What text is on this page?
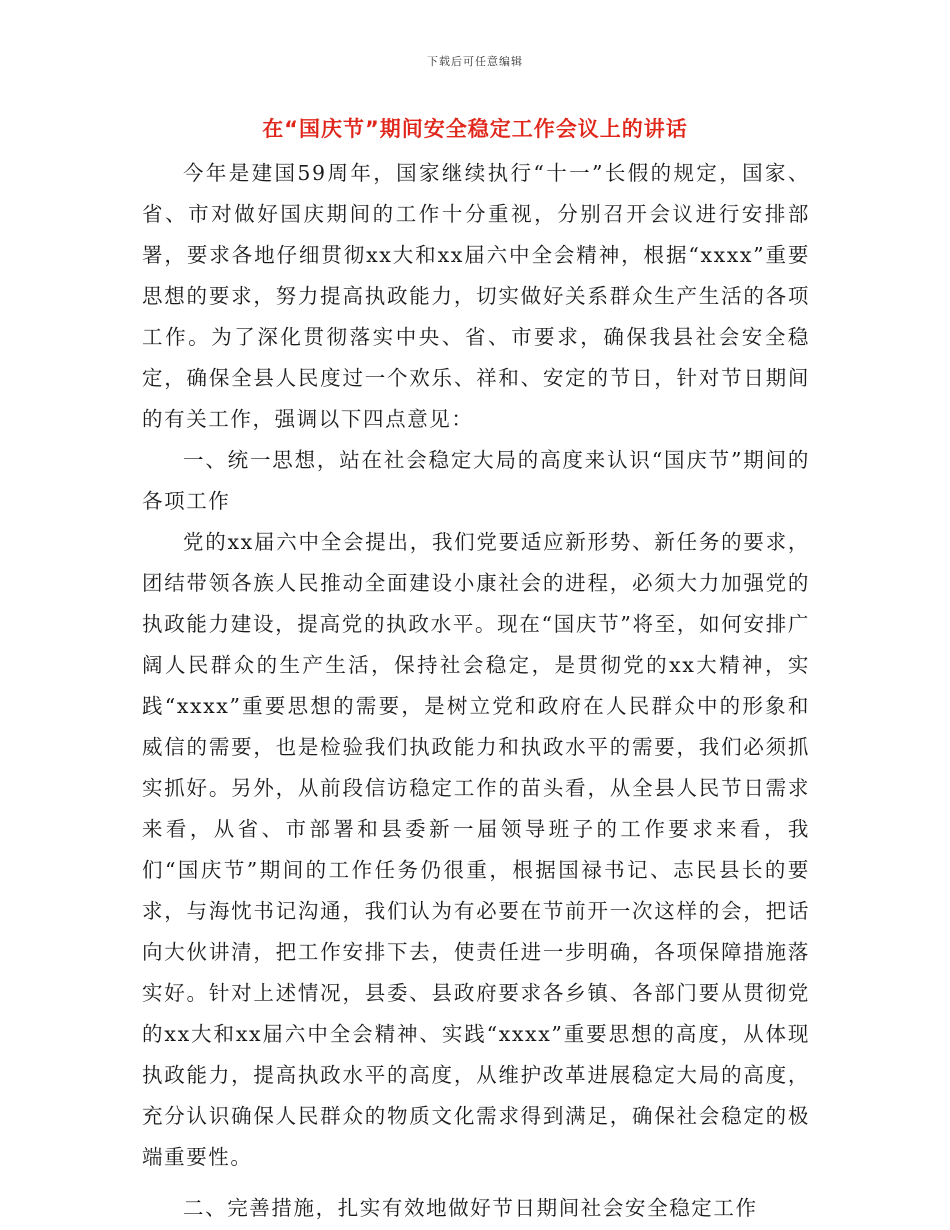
下载后可任意编辑
在“国庆节”期间安全稳定工作会议上的讲话

今年是建国59周年，国家继续执行“十一”长假的规定，国家、省、市对做好国庆期间的工作十分重视，分别召开会议进行安排部署，要求各地仔细贯彻xx大和xx届六中全会精神，根据“xxxx”重要思想的要求，努力提高执政能力，切实做好关系群众生产生活的各项工作。为了深化贯彻落实中央、省、市要求，确保我县社会安全稳定，确保全县人民度过一个欢乐、祥和、安定的节日，针对节日期间的有关工作，强调以下四点意见：

一、统一思想，站在社会稳定大局的高度来认识“国庆节”期间的各项工作

党的xx届六中全会提出，我们党要适应新形势、新任务的要求，团结带领各族人民推动全面建设小康社会的进程，必须大力加强党的执政能力建设，提高党的执政水平。现在“国庆节”将至，如何安排广阔人民群众的生产生活，保持社会稳定，是贯彻党的xx大精神，实践“xxxx”重要思想的需要，是树立党和政府在人民群众中的形象和威信的需要，也是检验我们执政能力和执政水平的需要，我们必须抓实抓好。另外，从前段信访稳定工作的苗头看，从全县人民节日需求来看，从省、市部署和县委新一届领导班子的工作要求来看，我们“国庆节”期间的工作任务仍很重，根据国禄书记、志民县长的要求，与海忱书记沟通，我们认为有必要在节前开一次这样的会，把话向大伙讲清，把工作安排下去，使责任进一步明确，各项保障措施落实好。针对上述情况，县委、县政府要求各乡镇、各部门要从贯彻党的xx大和xx届六中全会精神、实践“xxxx”重要思想的高度，从体现执政能力，提高执政水平的高度，从维护改革进展稳定大局的高度，充分认识确保人民群众的物质文化需求得到满足，确保社会稳定的极端重要性。

二、完善措施，扎实有效地做好节日期间社会安全稳定工作
